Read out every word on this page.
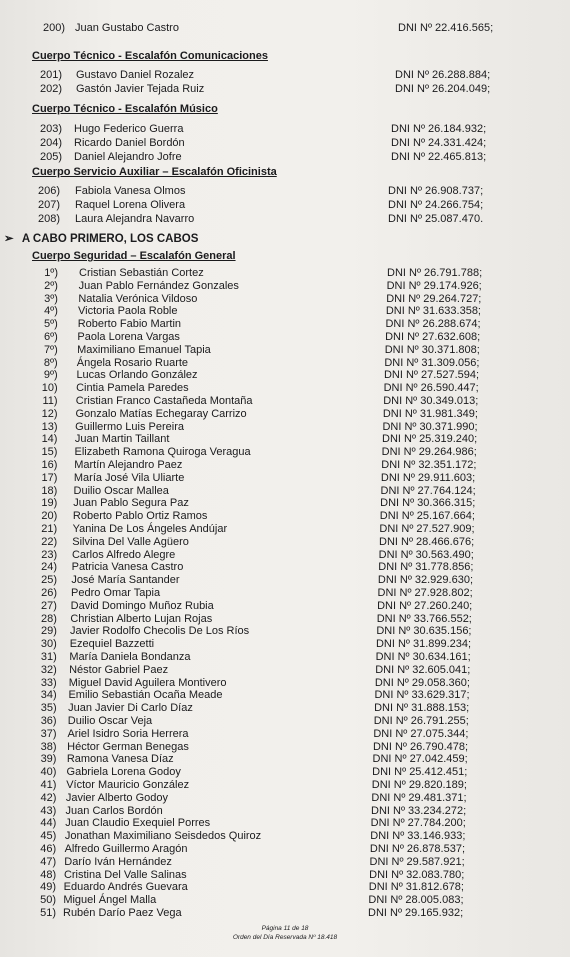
200) Juan Gustabo Castro	DNI Nº 22.416.565;
Cuerpo Técnico - Escalafón Comunicaciones
201) Gustavo Daniel Rozalez	DNI Nº 26.288.884;
202) Gastón Javier Tejada Ruiz	DNI Nº 26.204.049;
Cuerpo Técnico - Escalafón Músico
203) Hugo Federico Guerra	DNI Nº 26.184.932;
204) Ricardo Daniel Bordón	DNI Nº 24.331.424;
205) Daniel Alejandro Jofre	DNI Nº 22.465.813;
Cuerpo Servicio Auxiliar – Escalafón Oficinista
206) Fabiola Vanesa Olmos	DNI Nº 26.908.737;
207) Raquel Lorena Olivera	DNI Nº 24.266.754;
208) Laura Alejandra Navarro	DNI Nº 25.087.470.
➢ A CABO PRIMERO, LOS CABOS
Cuerpo Seguridad – Escalafón General
1º) Cristian Sebastián Cortez	DNI Nº 26.791.788;
2º) Juan Pablo Fernández Gonzales	DNI Nº 29.174.926;
3º) Natalia Verónica Vildoso	DNI Nº 29.264.727;
4º) Victoria Paola Roble	DNI Nº 31.633.358;
5º) Roberto Fabio Martin	DNI Nº 26.288.674;
6º) Paola Lorena Vargas	DNI Nº 27.632.608;
7º) Maximiliano Emanuel Tapia	DNI Nº 30.371.808;
8º) Ángela Rosario Ruarte	DNI Nº 31.309.056;
9º) Lucas Orlando González	DNI Nº 27.527.594;
10) Cintia Pamela Paredes	DNI Nº 26.590.447;
11) Cristian Franco Castañeda Montaña	DNI Nº 30.349.013;
12) Gonzalo Matías Echegaray Carrizo	DNI Nº 31.981.349;
13) Guillermo Luis Pereira	DNI Nº 30.371.990;
14) Juan Martin Taillant	DNI Nº 25.319.240;
15) Elizabeth Ramona Quiroga Veragua	DNI Nº 29.264.986;
16) Martín Alejandro Paez	DNI Nº 32.351.172;
17) María José Vila Uliarte	DNI Nº 29.911.603;
18) Duilio Oscar Mallea	DNI Nº 27.764.124;
19) Juan Pablo Segura Paz	DNI Nº 30.366.315;
20) Roberto Pablo Ortiz Ramos	DNI Nº 25.167.664;
21) Yanina De Los Ángeles Andújar	DNI Nº 27.527.909;
22) Silvina Del Valle Agüero	DNI Nº 28.466.676;
23) Carlos Alfredo Alegre	DNI Nº 30.563.490;
24) Patricia Vanesa Castro	DNI Nº 31.778.856;
25) José María Santander	DNI Nº 32.929.630;
26) Pedro Omar Tapia	DNI Nº 27.928.802;
27) David Domingo Muñoz Rubia	DNI Nº 27.260.240;
28) Christian Alberto Lujan Rojas	DNI Nº 33.766.552;
29) Javier Rodolfo Checolis De Los Ríos	DNI Nº 30.635.156;
30) Ezequiel Bazzetti	DNI Nº 31.899.234;
31) María Daniela Bondanza	DNI Nº 30.634.161;
32) Néstor Gabriel Paez	DNI Nº 32.605.041;
33) Miguel David Aguilera Montivero	DNI Nº 29.058.360;
34) Emilio Sebastián Ocaña Meade	DNI Nº 33.629.317;
35) Juan Javier Di Carlo Díaz	DNI Nº 31.888.153;
36) Duilio Oscar Veja	DNI Nº 26.791.255;
37) Ariel Isidro Soria Herrera	DNI Nº 27.075.344;
38) Héctor German Benegas	DNI Nº 26.790.478;
39) Ramona Vanesa Díaz	DNI Nº 27.042.459;
40) Gabriela Lorena Godoy	DNI Nº 25.412.451;
41) Víctor Mauricio González	DNI Nº 29.820.189;
42) Javier Alberto Godoy	DNI Nº 29.481.371;
43) Juan Carlos Bordón	DNI Nº 33.234.272;
44) Juan Claudio Exequiel Porres	DNI Nº 27.784.200;
45) Jonathan Maximiliano Seisdedos Quiroz	DNI Nº 33.146.933;
46) Alfredo Guillermo Aragón	DNI Nº 26.878.537;
47) Darío Iván Hernández	DNI Nº 29.587.921;
48) Cristina Del Valle Salinas	DNI Nº 32.083.780;
49) Eduardo Andrés Guevara	DNI Nº 31.812.678;
50) Miguel Ángel Malla	DNI Nº 28.005.083;
51) Rubén Darío Paez Vega	DNI Nº 29.165.932;
Página 11 de 18
Orden del Día Reservada Nº 18.418
